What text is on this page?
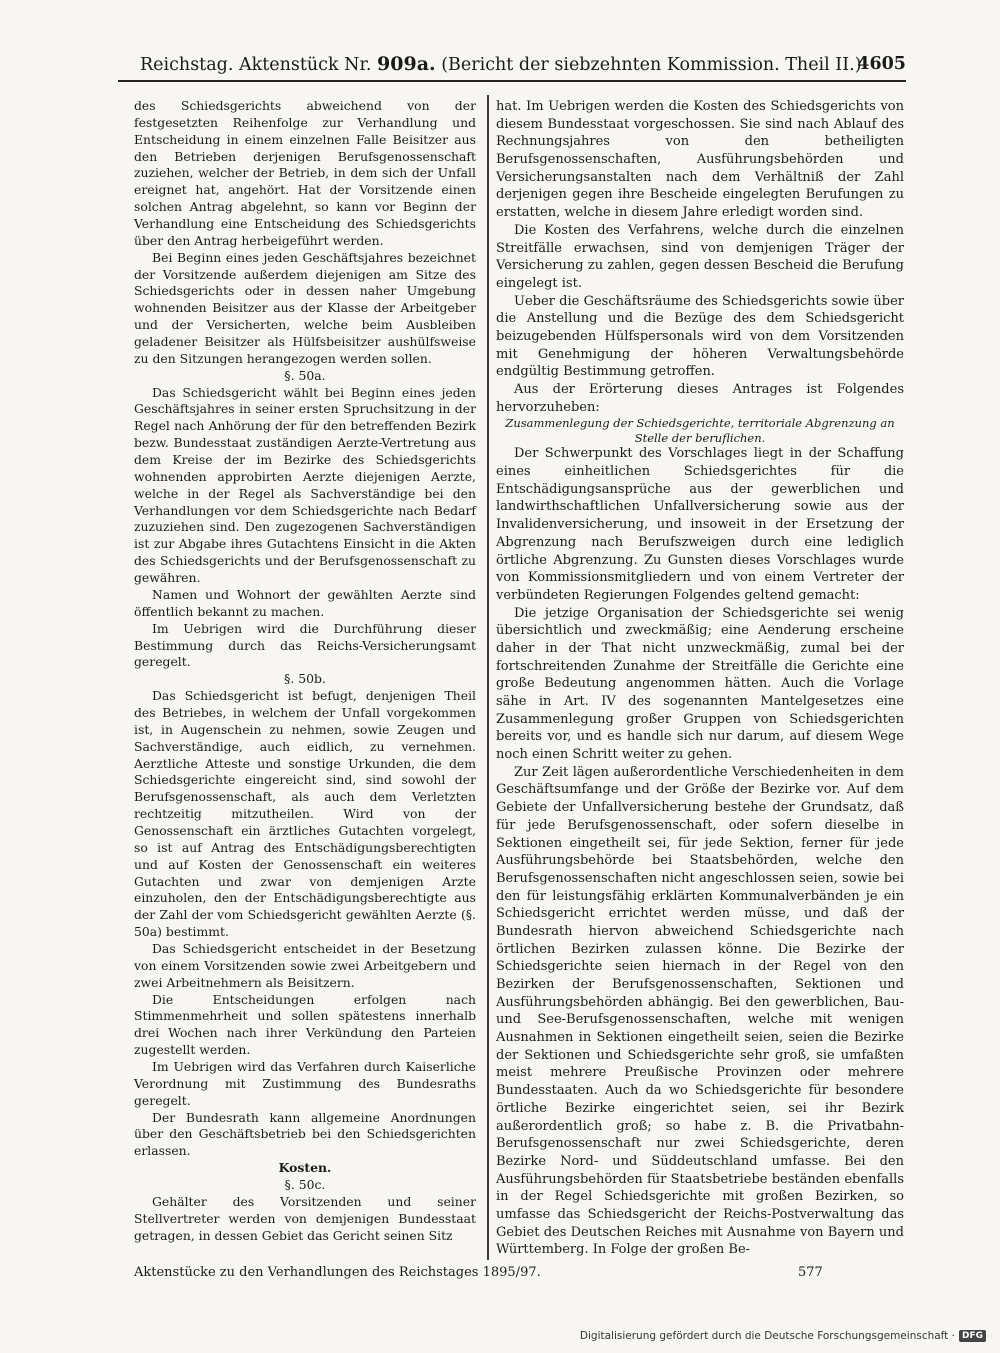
Reichstag. Aktenstück Nr. 909a. (Bericht der siebzehnten Kommission. Theil II.)
4605

des Schiedsgerichts abweichend von der festgesetzten Reihenfolge zur Verhandlung und Entscheidung in einem einzelnen Falle Beisitzer aus den Betrieben derjenigen Berufsgenossenschaft zuziehen, welcher der Betrieb, in dem sich der Unfall ereignet hat, angehört. Hat der Vorsitzende einen solchen Antrag abgelehnt, so kann vor Beginn der Verhandlung eine Entscheidung des Schiedsgerichts über den Antrag herbeigeführt werden.

Bei Beginn eines jeden Geschäftsjahres bezeichnet der Vorsitzende außerdem diejenigen am Sitze des Schiedsgerichts oder in dessen naher Umgebung wohnenden Beisitzer aus der Klasse der Arbeitgeber und der Versicherten, welche beim Ausbleiben geladener Beisitzer als Hülfsbeisitzer aushülfsweise zu den Sitzungen herangezogen werden sollen.

§. 50a.

Das Schiedsgericht wählt bei Beginn eines jeden Geschäftsjahres in seiner ersten Spruchsitzung in der Regel nach Anhörung der für den betreffenden Bezirk bezw. Bundesstaat zuständigen Aerzte-Vertretung aus dem Kreise der im Bezirke des Schiedsgerichts wohnenden approbirten Aerzte diejenigen Aerzte, welche in der Regel als Sachverständige bei den Verhandlungen vor dem Schiedsgerichte nach Bedarf zuzuziehen sind. Den zugezogenen Sachverständigen ist zur Abgabe ihres Gutachtens Einsicht in die Akten des Schiedsgerichts und der Berufsgenossenschaft zu gewähren.

Namen und Wohnort der gewählten Aerzte sind öffentlich bekannt zu machen.

Im Uebrigen wird die Durchführung dieser Bestimmung durch das Reichs-Versicherungsamt geregelt.

§. 50b.

Das Schiedsgericht ist befugt, denjenigen Theil des Betriebes, in welchem der Unfall vorgekommen ist, in Augenschein zu nehmen, sowie Zeugen und Sachverständige, auch eidlich, zu vernehmen. Aerztliche Atteste und sonstige Urkunden, die dem Schiedsgerichte eingereicht sind, sind sowohl der Berufsgenossenschaft, als auch dem Verletzten rechtzeitig mitzutheilen. Wird von der Genossenschaft ein ärztliches Gutachten vorgelegt, so ist auf Antrag des Entschädigungsberechtigten und auf Kosten der Genossenschaft ein weiteres Gutachten und zwar von demjenigen Arzte einzuholen, den der Entschädigungsberechtigte aus der Zahl der vom Schiedsgericht gewählten Aerzte (§. 50a) bestimmt.

Das Schiedsgericht entscheidet in der Besetzung von einem Vorsitzenden sowie zwei Arbeitgebern und zwei Arbeitnehmern als Beisitzern.

Die Entscheidungen erfolgen nach Stimmenmehrheit und sollen spätestens innerhalb drei Wochen nach ihrer Verkündung den Parteien zugestellt werden.

Im Uebrigen wird das Verfahren durch Kaiserliche Verordnung mit Zustimmung des Bundesraths geregelt.

Der Bundesrath kann allgemeine Anordnungen über den Geschäftsbetrieb bei den Schiedsgerichten erlassen.

Kosten.

§. 50c.

Gehälter des Vorsitzenden und seiner Stellvertreter werden von demjenigen Bundesstaat getragen, in dessen Gebiet das Gericht seinen Sitz

hat. Im Uebrigen werden die Kosten des Schiedsgerichts von diesem Bundesstaat vorgeschossen. Sie sind nach Ablauf des Rechnungsjahres von den betheiligten Berufsgenossenschaften, Ausführungsbehörden und Versicherungsanstalten nach dem Verhältniß der Zahl derjenigen gegen ihre Bescheide eingelegten Berufungen zu erstatten, welche in diesem Jahre erledigt worden sind.

Die Kosten des Verfahrens, welche durch die einzelnen Streitfälle erwachsen, sind von demjenigen Träger der Versicherung zu zahlen, gegen dessen Bescheid die Berufung eingelegt ist.

Ueber die Geschäftsräume des Schiedsgerichts sowie über die Anstellung und die Bezüge des dem Schiedsgericht beizugebenden Hülfspersonals wird von dem Vorsitzenden mit Genehmigung der höheren Verwaltungsbehörde endgültig Bestimmung getroffen.

Aus der Erörterung dieses Antrages ist Folgendes hervorzuheben:

Zusammenlegung der Schiedsgerichte, territoriale Abgrenzung an Stelle der beruflichen.

Der Schwerpunkt des Vorschlages liegt in der Schaffung eines einheitlichen Schiedsgerichtes für die Entschädigungsansprüche aus der gewerblichen und landwirthschaftlichen Unfallversicherung sowie aus der Invalidenversicherung, und insoweit in der Ersetzung der Abgrenzung nach Berufszweigen durch eine lediglich örtliche Abgrenzung. Zu Gunsten dieses Vorschlages wurde von Kommissionsmitgliedern und von einem Vertreter der verbündeten Regierungen Folgendes geltend gemacht:

Die jetzige Organisation der Schiedsgerichte sei wenig übersichtlich und zweckmäßig; eine Aenderung erscheine daher in der That nicht unzweckmäßig, zumal bei der fortschreitenden Zunahme der Streitfälle die Gerichte eine große Bedeutung angenommen hätten. Auch die Vorlage sähe in Art. IV des sogenannten Mantelgesetzes eine Zusammenlegung großer Gruppen von Schiedsgerichten bereits vor, und es handle sich nur darum, auf diesem Wege noch einen Schritt weiter zu gehen.

Zur Zeit lägen außerordentliche Verschiedenheiten in dem Geschäftsumfange und der Größe der Bezirke vor. Auf dem Gebiete der Unfallversicherung bestehe der Grundsatz, daß für jede Berufsgenossenschaft, oder sofern dieselbe in Sektionen eingetheilt sei, für jede Sektion, ferner für jede Ausführungsbehörde bei Staatsbehörden, welche den Berufsgenossenschaften nicht angeschlossen seien, sowie bei den für leistungsfähig erklärten Kommunalverbänden je ein Schiedsgericht errichtet werden müsse, und daß der Bundesrath hiervon abweichend Schiedsgerichte nach örtlichen Bezirken zulassen könne. Die Bezirke der Schiedsgerichte seien hiernach in der Regel von den Bezirken der Berufsgenossenschaften, Sektionen und Ausführungsbehörden abhängig. Bei den gewerblichen, Bau- und See-Berufsgenossenschaften, welche mit wenigen Ausnahmen in Sektionen eingetheilt seien, seien die Bezirke der Sektionen und Schiedsgerichte sehr groß, sie umfaßten meist mehrere Preußische Provinzen oder mehrere Bundesstaaten. Auch da wo Schiedsgerichte für besondere örtliche Bezirke eingerichtet seien, sei ihr Bezirk außerordentlich groß; so habe z. B. die Privatbahn-Berufsgenossenschaft nur zwei Schiedsgerichte, deren Bezirke Nord- und Süddeutschland umfasse. Bei den Ausführungsbehörden für Staatsbetriebe beständen ebenfalls in der Regel Schiedsgerichte mit großen Bezirken, so umfasse das Schiedsgericht der Reichs-Postverwaltung das Gebiet des Deutschen Reiches mit Ausnahme von Bayern und Württemberg. In Folge der großen Be-

Aktenstücke zu den Verhandlungen des Reichstages 1895/97.	577
Digitalisierung gefördert durch die Deutsche Forschungsgemeinschaft · DFG
